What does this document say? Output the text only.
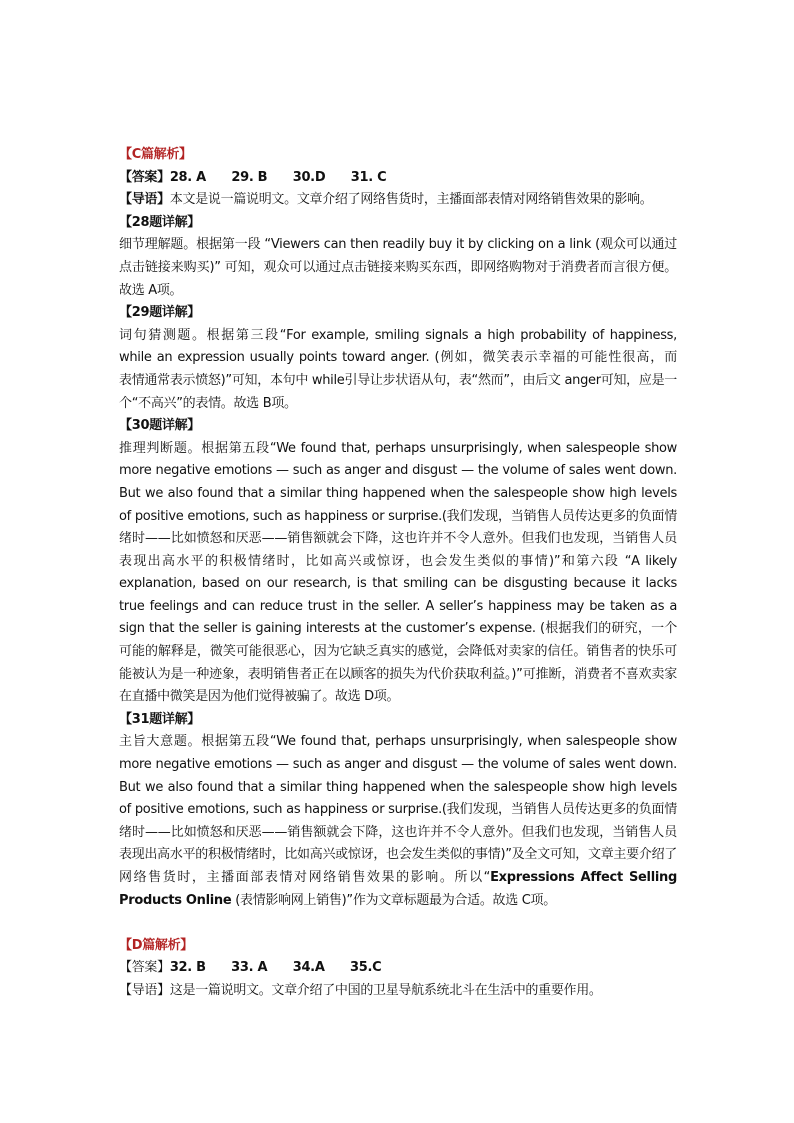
【C篇解析】

【答案】28. A　　29. B　　30.D　　31. C

【导语】本文是说一篇说明文。文章介绍了网络售货时，主播面部表情对网络销售效果的影响。

【28题详解】

细节理解题。根据第一段 “Viewers can then readily buy it by clicking on a link (观众可以通过点击链接来购买)” 可知，观众可以通过点击链接来购买东西，即网络购物对于消费者而言很方便。故选 A项。

【29题详解】

词句猜测题。根据第三段“For example, smiling signals a high probability of happiness, while an expression usually points toward anger. (例如，微笑表示幸福的可能性很高，而　　表情通常表示愤怒)”可知，本句中 while引导让步状语从句，表“然而”，由后文 anger可知，应是一个“不高兴”的表情。故选 B项。

【30题详解】

推理判断题。根据第五段“We found that, perhaps unsurprisingly, when salespeople show more negative emotions — such as anger and disgust — the volume of sales went down. But we also found that a similar thing happened when the salespeople show high levels of positive emotions, such as happiness or surprise.(我们发现，当销售人员传达更多的负面情绪时——比如愤怒和厌恶——销售额就会下降，这也许并不令人意外。但我们也发现，当销售人员表现出高水平的积极情绪时，比如高兴或惊讶，也会发生类似的事情)”和第六段 “A likely explanation, based on our research, is that smiling can be disgusting because it lacks true feelings and can reduce trust in the seller. A seller’s happiness may be taken as a sign that the seller is gaining interests at the customer’s expense. (根据我们的研究，一个可能的解释是，微笑可能很恶心，因为它缺乏真实的感觉，会降低对卖家的信任。销售者的快乐可能被认为是一种迹象，表明销售者正在以顾客的损失为代价获取利益。)”可推断，消费者不喜欢卖家在直播中微笑是因为他们觉得被骗了。故选 D项。

【31题详解】

主旨大意题。根据第五段“We found that, perhaps unsurprisingly, when salespeople show more negative emotions — such as anger and disgust — the volume of sales went down. But we also found that a similar thing happened when the salespeople show high levels of positive emotions, such as happiness or surprise.(我们发现，当销售人员传达更多的负面情绪时——比如愤怒和厌恶——销售额就会下降，这也许并不令人意外。但我们也发现，当销售人员表现出高水平的积极情绪时，比如高兴或惊讶，也会发生类似的事情)”及全文可知，文章主要介绍了网络售货时，主播面部表情对网络销售效果的影响。所以“Expressions Affect Selling Products Online (表情影响网上销售)”作为文章标题最为合适。故选 C项。

【D篇解析】

【答案】32. B　　33. A　　34.A　　35.C

【导语】这是一篇说明文。文章介绍了中国的卫星导航系统北斗在生活中的重要作用。
